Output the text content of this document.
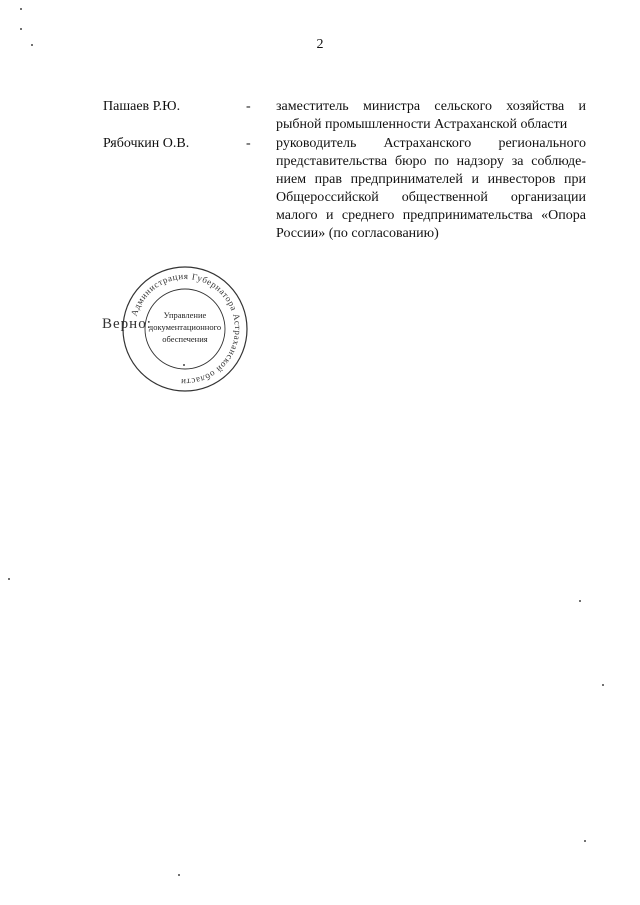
2
Пашаев Р.Ю.	- заместитель министра сельского хозяйства и
рыбной промышленности Астраханской области
Рябочкин О.В.	- руководитель Астраханского регионального
представительства бюро по надзору за соблюде-
нием прав предпринимателей и инвесторов при
Общероссийской общественной организации
малого и среднего предпринимательства «Опора
России» (по согласованию)
Верно:
Администрация Губернатора Астраханской области
Управление
документационного
обеспечения
